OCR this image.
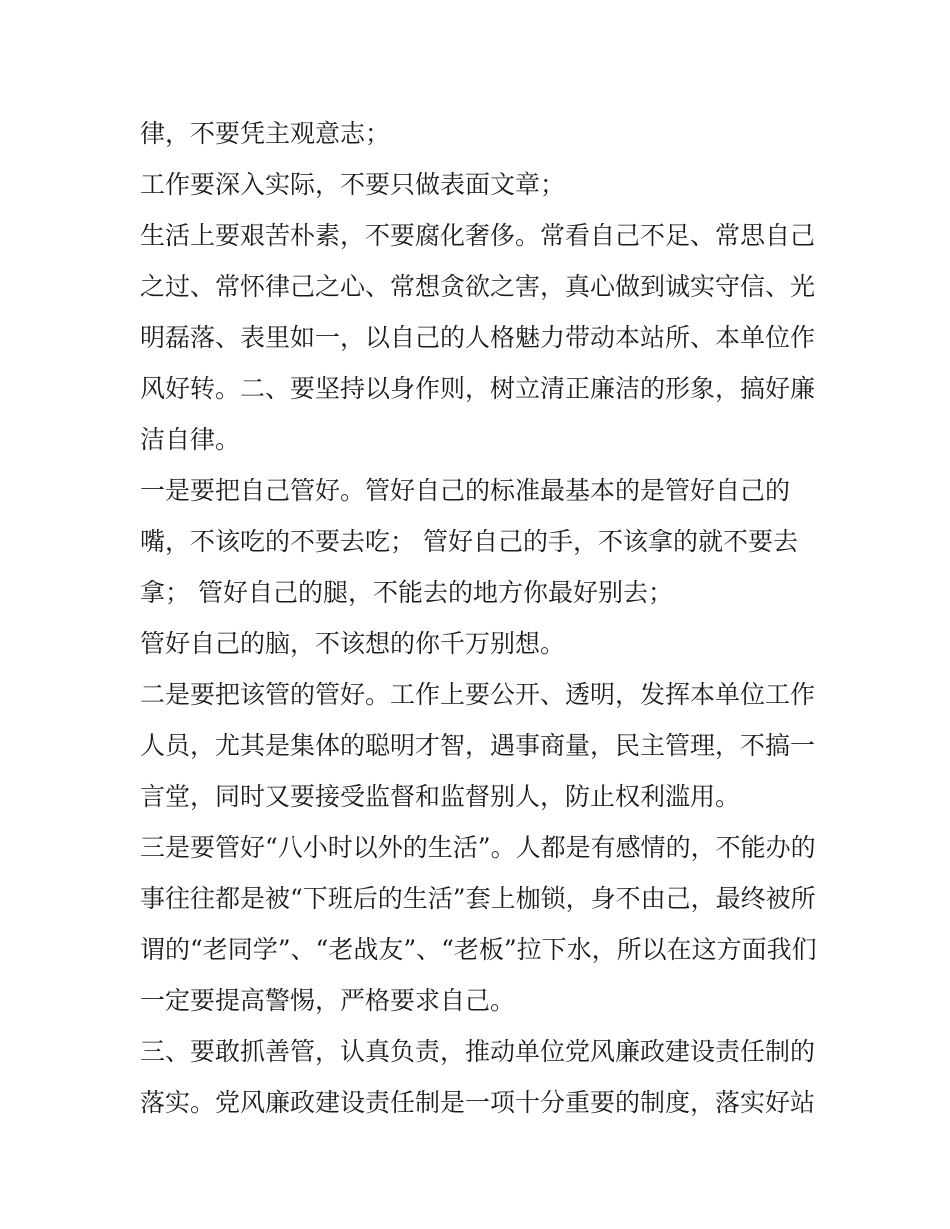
律，不要凭主观意志；
工作要深入实际，不要只做表面文章；
生活上要艰苦朴素，不要腐化奢侈。常看自己不足、常思自己
之过、常怀律己之心、常想贪欲之害，真心做到诚实守信、光
明磊落、表里如一，以自己的人格魅力带动本站所、本单位作
风好转。二、要坚持以身作则，树立清正廉洁的形象，搞好廉
洁自律。
一是要把自己管好。管好自己的标准最基本的是管好自己的
嘴，不该吃的不要去吃； 管好自己的手，不该拿的就不要去
拿； 管好自己的腿，不能去的地方你最好别去；
管好自己的脑，不该想的你千万别想。
二是要把该管的管好。工作上要公开、透明，发挥本单位工作
人员，尤其是集体的聪明才智，遇事商量，民主管理，不搞一
言堂，同时又要接受监督和监督别人，防止权利滥用。
三是要管好“八小时以外的生活”。人都是有感情的，不能办的
事往往都是被“下班后的生活”套上枷锁，身不由己，最终被所
谓的“老同学”、“老战友”、“老板”拉下水，所以在这方面我们
一定要提高警惕，严格要求自己。
三、要敢抓善管，认真负责，推动单位党风廉政建设责任制的
落实。党风廉政建设责任制是一项十分重要的制度，落实好站
